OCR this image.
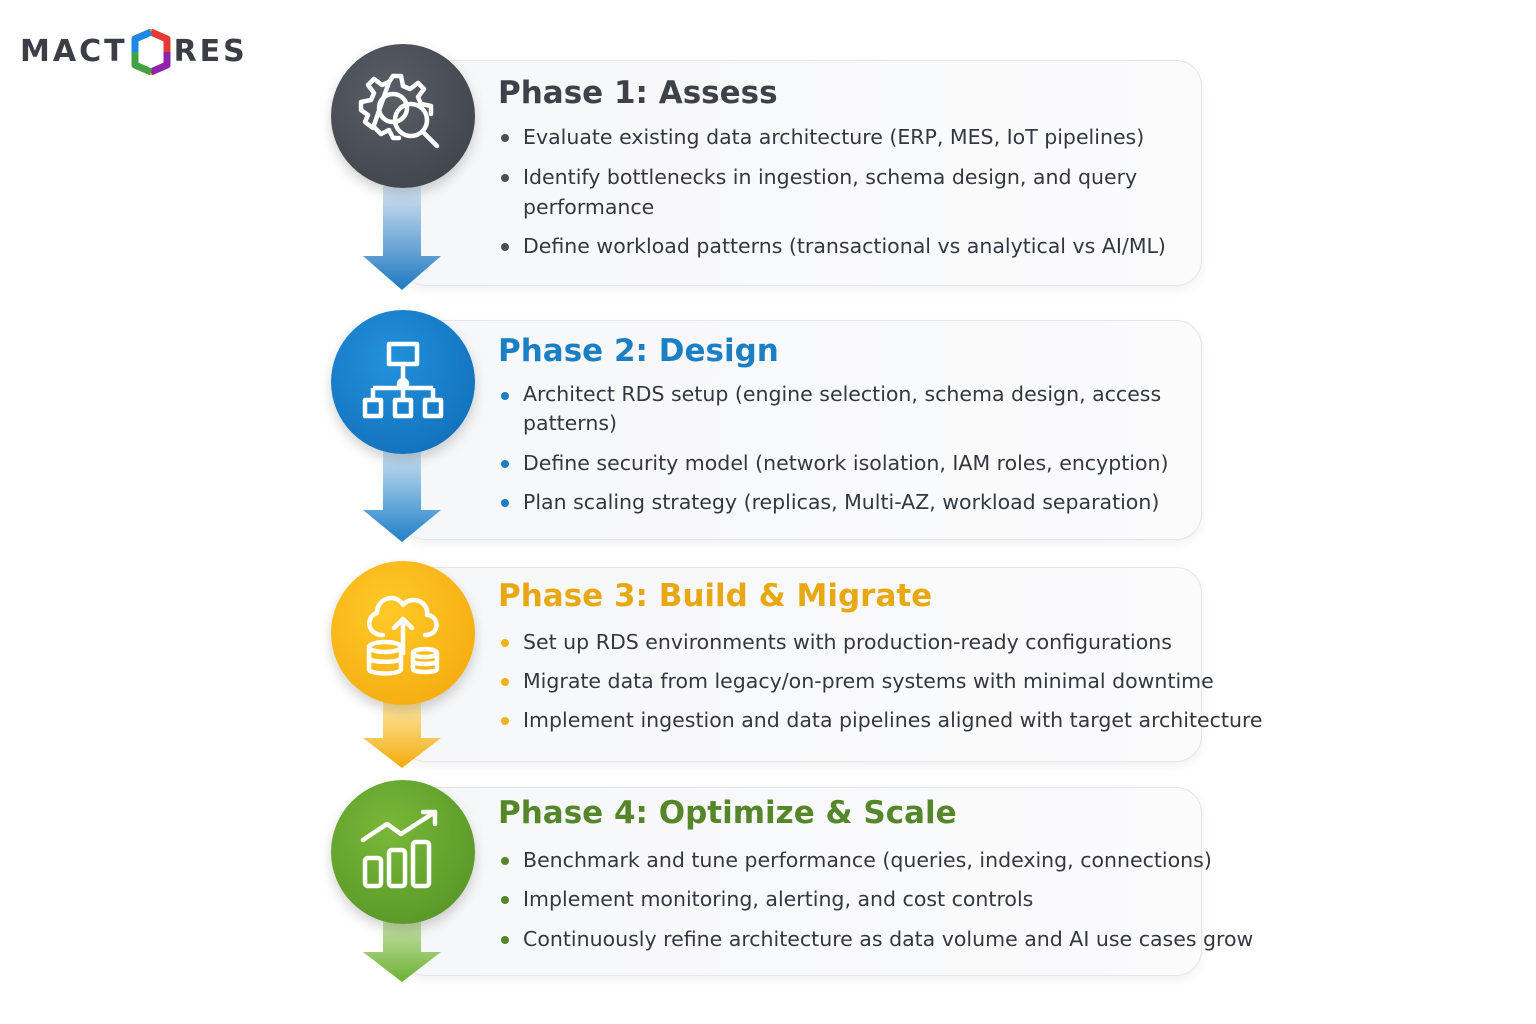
MACT RES
Phase 1: Assess
Phase 2: Design
Phase 3: Build & Migrate
Phase 4: Optimize & Scale
Evaluate existing data architecture (ERP, MES, IoT pipelines)
Identify bottlenecks in ingestion, schema design, and query
performance
Define workload patterns (transactional vs analytical vs AI/ML)
Architect RDS setup (engine selection, schema design, access
patterns)
Define security model (network isolation, IAM roles, encyption)
Plan scaling strategy (replicas, Multi-AZ, workload separation)
Set up RDS environments with production-ready configurations
Migrate data from legacy/on-prem systems with minimal downtime
Implement ingestion and data pipelines aligned with target architecture
Benchmark and tune performance (queries, indexing, connections)
Implement monitoring, alerting, and cost controls
Continuously refine architecture as data volume and AI use cases grow
